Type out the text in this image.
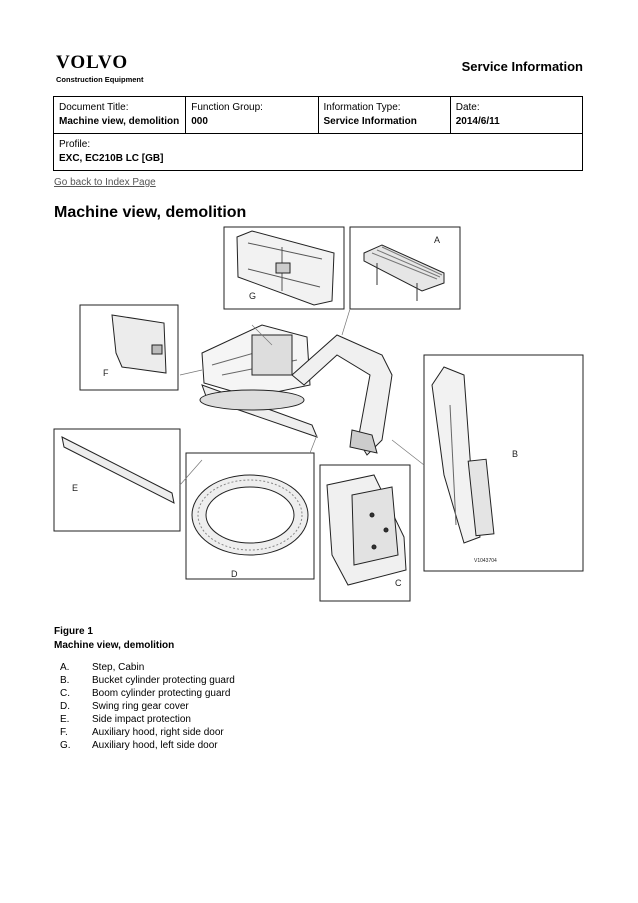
VOLVO
Construction Equipment
Service Information
Document Title:
Machine view, demolition

Function Group:
000

Information Type:
Service Information

Date:
2014/6/11

Profile:
EXC, EC210B LC [GB]
Go back to Index Page
Machine view, demolition
G
A
F
E
D
C
B
V1043704
Figure 1
Machine view, demolition
A.	Step, Cabin
B.	Bucket cylinder protecting guard
C.	Boom cylinder protecting guard
D.	Swing ring gear cover
E.	Side impact protection
F.	Auxiliary hood, right side door
G.	Auxiliary hood, left side door
